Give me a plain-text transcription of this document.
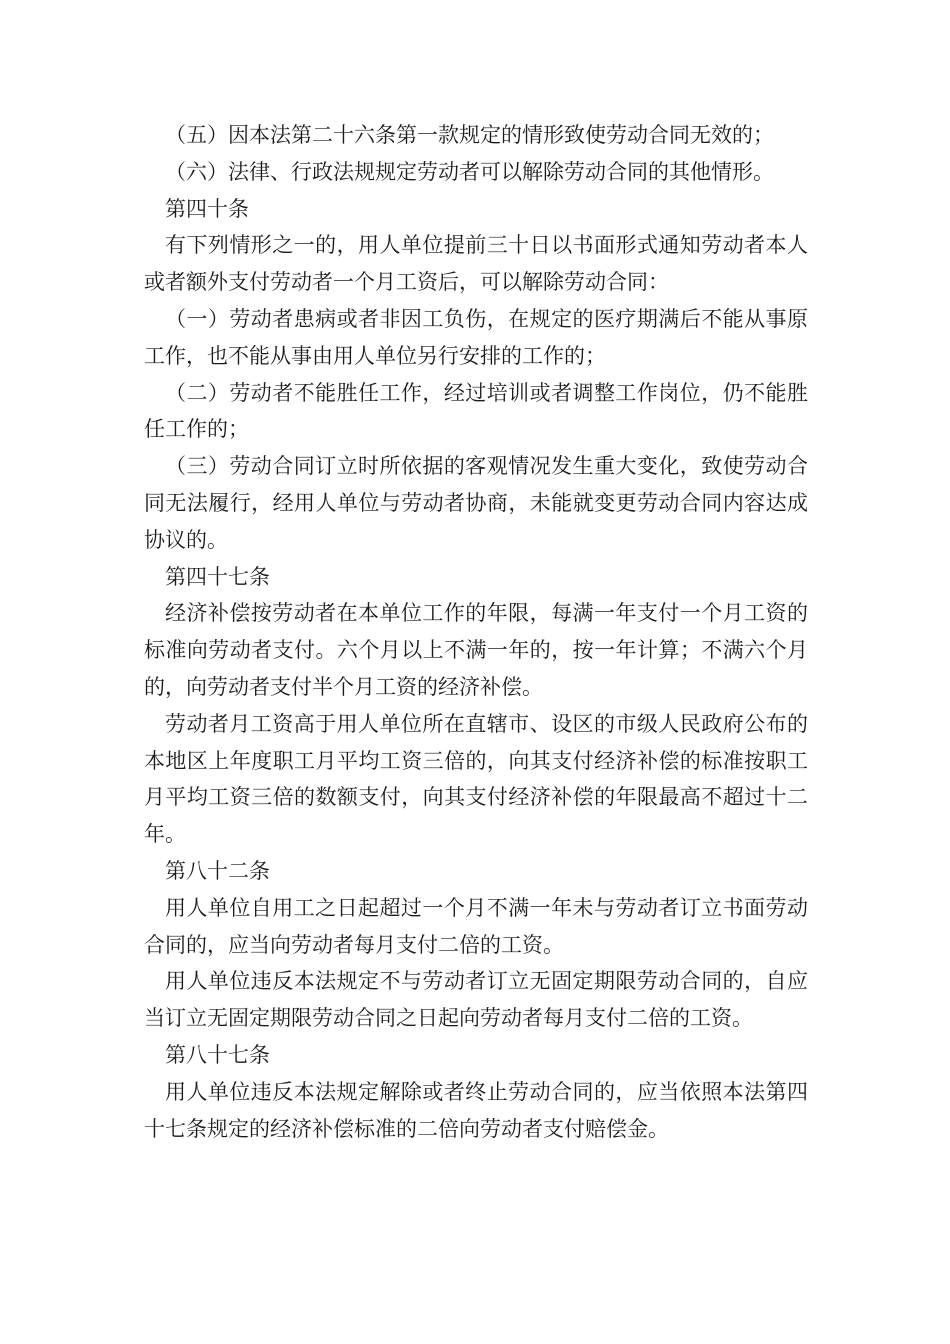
（五）因本法第二十六条第一款规定的情形致使劳动合同无效的；

（六）法律、行政法规规定劳动者可以解除劳动合同的其他情形。

第四十条

有下列情形之一的，用人单位提前三十日以书面形式通知劳动者本人或者额外支付劳动者一个月工资后，可以解除劳动合同：

（一）劳动者患病或者非因工负伤，在规定的医疗期满后不能从事原工作，也不能从事由用人单位另行安排的工作的；

（二）劳动者不能胜任工作，经过培训或者调整工作岗位，仍不能胜任工作的；

（三）劳动合同订立时所依据的客观情况发生重大变化，致使劳动合同无法履行，经用人单位与劳动者协商，未能就变更劳动合同内容达成协议的。

第四十七条

经济补偿按劳动者在本单位工作的年限，每满一年支付一个月工资的标准向劳动者支付。六个月以上不满一年的，按一年计算；不满六个月的，向劳动者支付半个月工资的经济补偿。

劳动者月工资高于用人单位所在直辖市、设区的市级人民政府公布的本地区上年度职工月平均工资三倍的，向其支付经济补偿的标准按职工月平均工资三倍的数额支付，向其支付经济补偿的年限最高不超过十二年。

第八十二条

用人单位自用工之日起超过一个月不满一年未与劳动者订立书面劳动合同的，应当向劳动者每月支付二倍的工资。

用人单位违反本法规定不与劳动者订立无固定期限劳动合同的，自应当订立无固定期限劳动合同之日起向劳动者每月支付二倍的工资。

第八十七条

用人单位违反本法规定解除或者终止劳动合同的，应当依照本法第四十七条规定的经济补偿标准的二倍向劳动者支付赔偿金。
